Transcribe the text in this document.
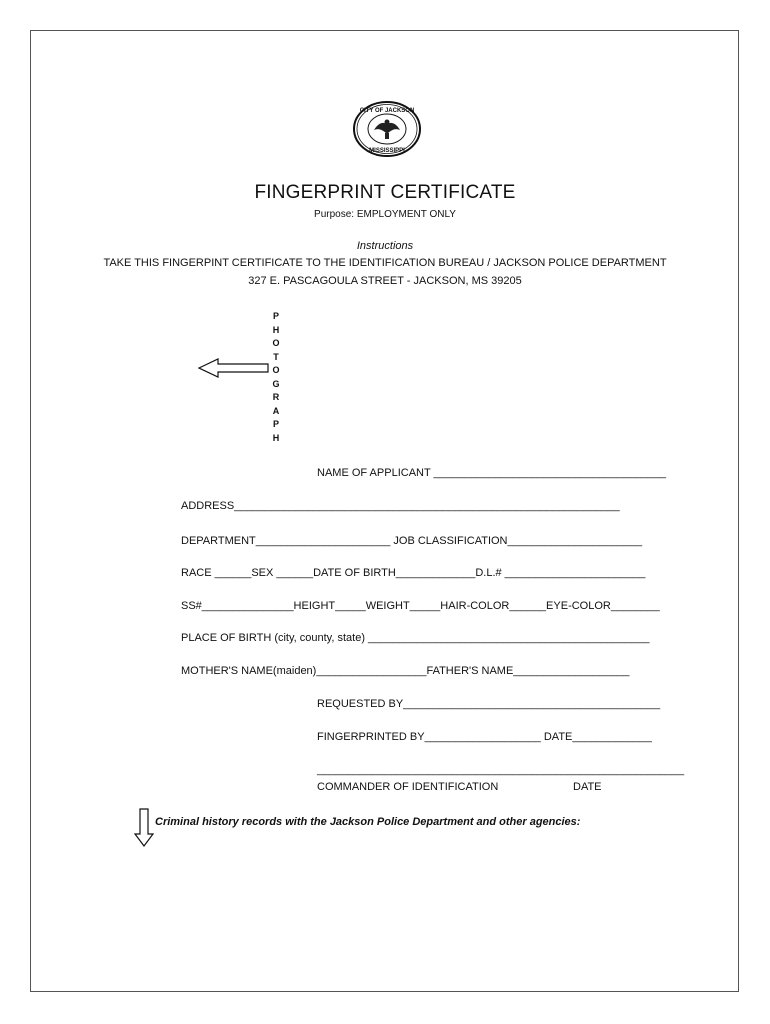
CITY OF JACKSON
MISSISSIPPI
FINGERPRINT CERTIFICATE
Purpose: EMPLOYMENT ONLY
Instructions
TAKE THIS FINGERPINT CERTIFICATE TO THE IDENTIFICATION BUREAU / JACKSON POLICE DEPARTMENT
327 E. PASCAGOULA STREET - JACKSON, MS 39205
P
H
O
T
O
G
R
A
P
H
NAME OF APPLICANT ______________________________________
ADDRESS_______________________________________________________________
DEPARTMENT______________________ JOB CLASSIFICATION______________________
RACE ______SEX ______DATE OF BIRTH_____________D.L.# _______________________
SS#_______________HEIGHT_____WEIGHT_____HAIR-COLOR______EYE-COLOR________
PLACE OF BIRTH (city, county, state) ______________________________________________
MOTHER'S NAME(maiden)__________________FATHER'S NAME___________________
REQUESTED BY__________________________________________
FINGERPRINTED BY___________________ DATE_____________
____________________________________________________________
COMMANDER OF IDENTIFICATION	DATE
Criminal history records with the Jackson Police Department and other agencies:
